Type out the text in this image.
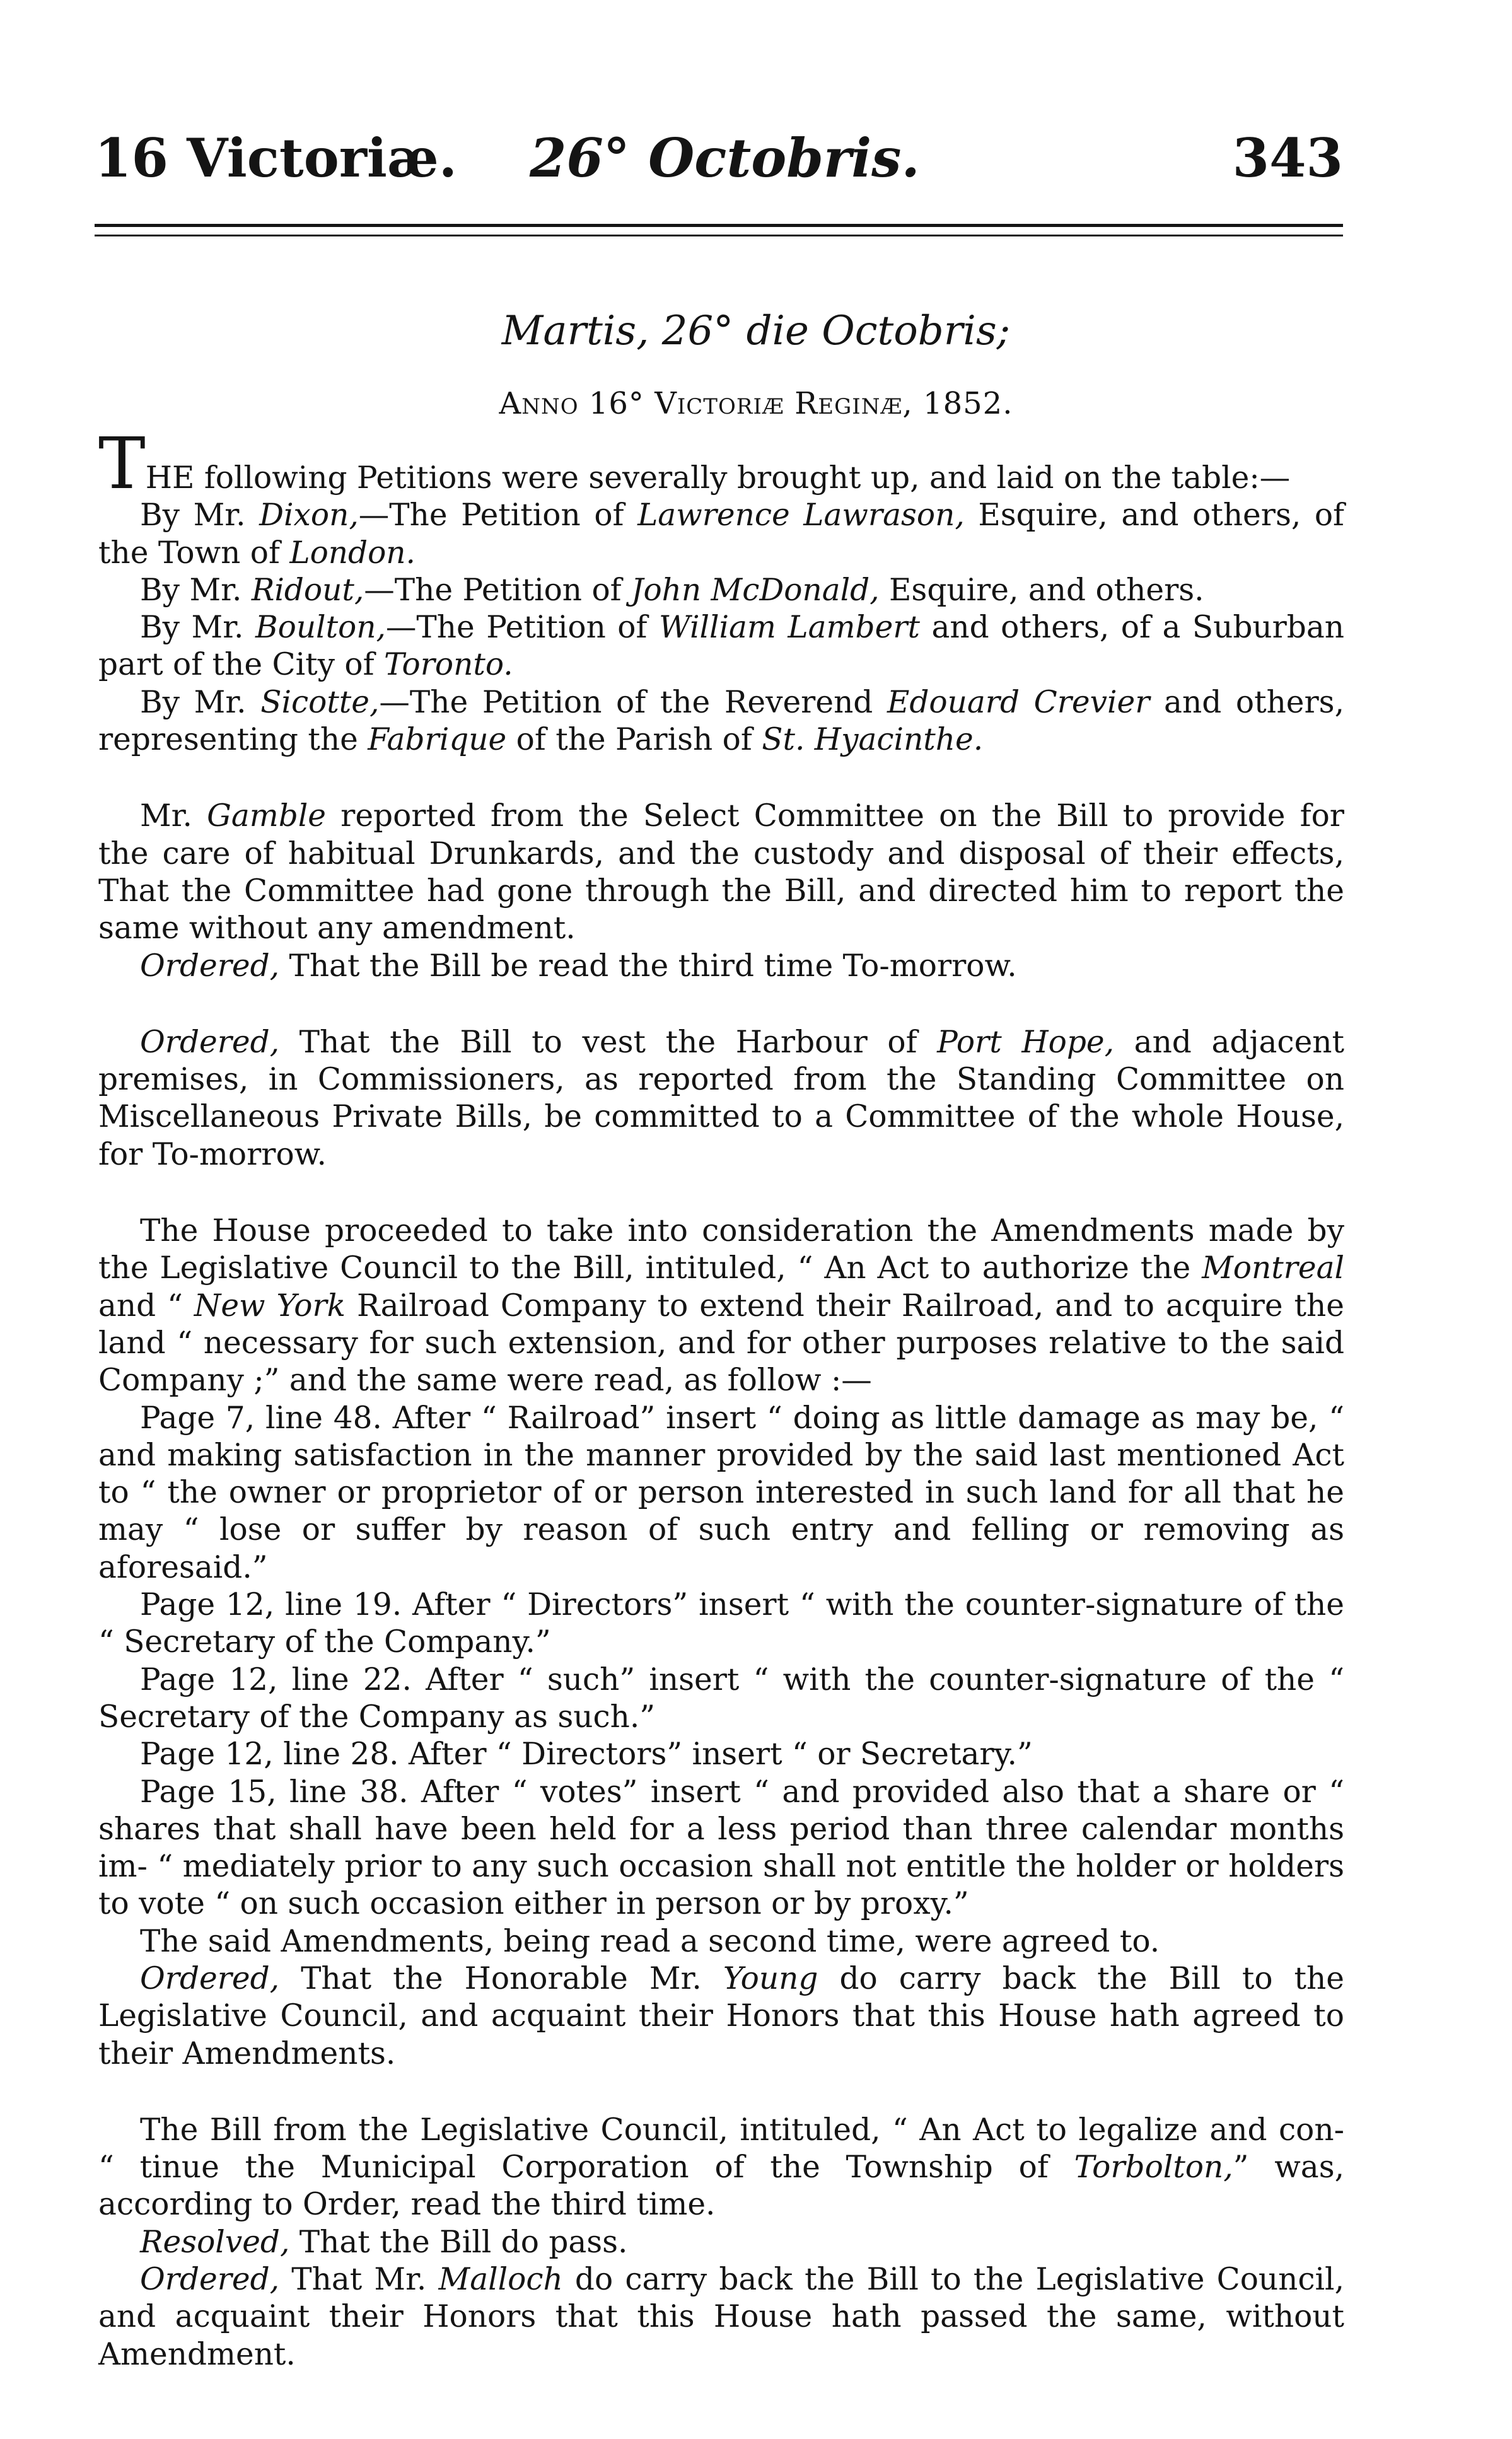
16 Victoriæ. 26° Octobris.	343
Martis, 26° die Octobris;
Anno 16° Victoriæ Reginæ, 1852.

THE following Petitions were severally brought up, and laid on the table:—

By Mr. Dixon,—The Petition of Lawrence Lawrason, Esquire, and others, of the Town of London.

By Mr. Ridout,—The Petition of John McDonald, Esquire, and others.

By Mr. Boulton,—The Petition of William Lambert and others, of a Suburban part of the City of Toronto.

By Mr. Sicotte,—The Petition of the Reverend Edouard Crevier and others, representing the Fabrique of the Parish of St. Hyacinthe.

Mr. Gamble reported from the Select Committee on the Bill to provide for the care of habitual Drunkards, and the custody and disposal of their effects, That the Committee had gone through the Bill, and directed him to report the same without any amendment.

Ordered, That the Bill be read the third time To-morrow.

Ordered, That the Bill to vest the Harbour of Port Hope, and adjacent premises, in Commissioners, as reported from the Standing Committee on Miscellaneous Private Bills, be committed to a Committee of the whole House, for To-morrow.

The House proceeded to take into consideration the Amendments made by the Legislative Council to the Bill, intituled, “ An Act to authorize the Montreal and “ New York Railroad Company to extend their Railroad, and to acquire the land “ necessary for such extension, and for other purposes relative to the said Company ;” and the same were read, as follow :—

Page 7, line 48. After “ Railroad” insert “ doing as little damage as may be, “ and making satisfaction in the manner provided by the said last mentioned Act to “ the owner or proprietor of or person interested in such land for all that he may “ lose or suffer by reason of such entry and felling or removing as aforesaid.”

Page 12, line 19. After “ Directors” insert “ with the counter-signature of the “ Secretary of the Company.”

Page 12, line 22. After “ such” insert “ with the counter-signature of the “ Secretary of the Company as such.”

Page 12, line 28. After “ Directors” insert “ or Secretary.”

Page 15, line 38. After “ votes” insert “ and provided also that a share or “ shares that shall have been held for a less period than three calendar months im- “ mediately prior to any such occasion shall not entitle the holder or holders to vote “ on such occasion either in person or by proxy.”

The said Amendments, being read a second time, were agreed to.

Ordered, That the Honorable Mr. Young do carry back the Bill to the Legislative Council, and acquaint their Honors that this House hath agreed to their Amendments.

The Bill from the Legislative Council, intituled, “ An Act to legalize and con- “ tinue the Municipal Corporation of the Township of Torbolton,” was, according to Order, read the third time.

Resolved, That the Bill do pass.

Ordered, That Mr. Malloch do carry back the Bill to the Legislative Council, and acquaint their Honors that this House hath passed the same, without Amendment.
